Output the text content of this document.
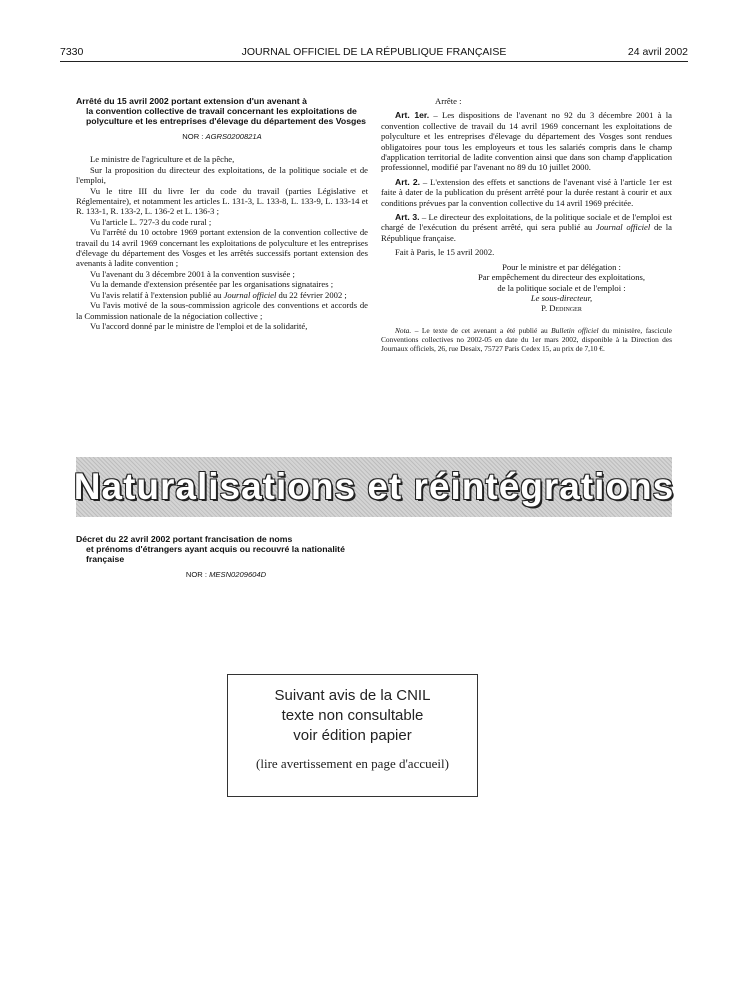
7330	JOURNAL OFFICIEL DE LA RÉPUBLIQUE FRANÇAISE	24 avril 2002

Arrêté du 15 avril 2002 portant extension d'un avenant à
la convention collective de travail concernant les exploitations de polyculture et les entreprises d'élevage du département des Vosges

NOR : AGRS0200821A

Le ministre de l'agriculture et de la pêche,

Sur la proposition du directeur des exploitations, de la politique sociale et de l'emploi,

Vu le titre III du livre Ier du code du travail (parties Législative et Réglementaire), et notamment les articles L. 131-3, L. 133-8, L. 133-9, L. 133-14 et R. 133-1, R. 133-2, L. 136-2 et L. 136-3 ;

Vu l'article L. 727-3 du code rural ;

Vu l'arrêté du 10 octobre 1969 portant extension de la convention collective de travail du 14 avril 1969 concernant les exploitations de polyculture et les entreprises d'élevage du département des Vosges et les arrêtés successifs portant extension des avenants à ladite convention ;

Vu l'avenant du 3 décembre 2001 à la convention susvisée ;

Vu la demande d'extension présentée par les organisations signataires ;

Vu l'avis relatif à l'extension publié au Journal officiel du 22 février 2002 ;

Vu l'avis motivé de la sous-commission agricole des conventions et accords de la Commission nationale de la négociation collective ;

Vu l'accord donné par le ministre de l'emploi et de la solidarité,

Arrête :

Art. 1er. – Les dispositions de l'avenant no 92 du 3 décembre 2001 à la convention collective de travail du 14 avril 1969 concernant les exploitations de polyculture et les entreprises d'élevage du département des Vosges sont rendues obligatoires pour tous les employeurs et tous les salariés compris dans le champ d'application territorial de ladite convention ainsi que dans son champ d'application professionnel, modifié par l'avenant no 89 du 10 juillet 2000.

Art. 2. – L'extension des effets et sanctions de l'avenant visé à l'article 1er est faite à dater de la publication du présent arrêté pour la durée restant à courir et aux conditions prévues par la convention collective du 14 avril 1969 précitée.

Art. 3. – Le directeur des exploitations, de la politique sociale et de l'emploi est chargé de l'exécution du présent arrêté, qui sera publié au Journal officiel de la République française.

Fait à Paris, le 15 avril 2002.

Pour le ministre et par délégation :

Par empêchement du directeur des exploitations,

de la politique sociale et de l'emploi :

Le sous-directeur,

P. Dedinger

Nota. – Le texte de cet avenant a été publié au Bulletin officiel du ministère, fascicule Conventions collectives no 2002-05 en date du 1er mars 2002, disponible à la Direction des Journaux officiels, 26, rue Desaix, 75727 Paris Cedex 15, au prix de 7,10 €.

Naturalisations et réintégrations

Décret du 22 avril 2002 portant francisation de noms
et prénoms d'étrangers ayant acquis ou recouvré la nationalité française

NOR : MESN0209604D

Suivant avis de la CNIL
texte non consultable
voir édition papier
(lire avertissement en page d'accueil)
